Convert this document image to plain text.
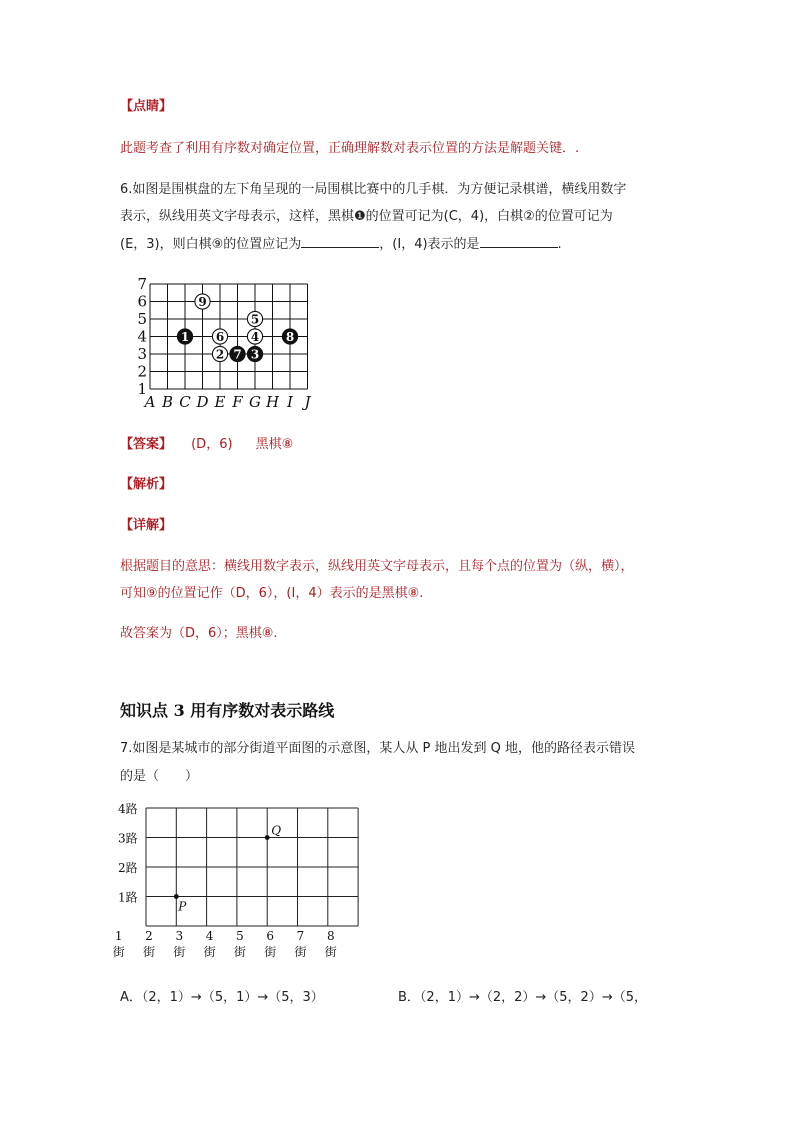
【点睛】
此题考查了利用有序数对确定位置，正确理解数对表示位置的方法是解题关键．.
6.如图是围棋盘的左下角呈现的一局围棋比赛中的几手棋．为方便记录棋谱，横线用数字
表示，纵线用英文字母表示，这样，黑棋❶的位置可记为(C，4)，白棋②的位置可记为
(E，3)，则白棋⑨的位置应记为	，(I，4)表示的是	.
7
6
5
4
3
2
1
A B C D E F G H I J
1
2 3
4
5
6
7
8
9
【答案】 (D，6) 黑棋⑧
【解析】
【详解】
根据题目的意思：横线用数字表示，纵线用英文字母表示，且每个点的位置为（纵，横），
可知⑨的位置记作（D，6），(I，4）表示的是黑棋⑧.
故答案为（D，6）；黑棋⑧.
知识点 3 用有序数对表示路线
7.如图是某城市的部分街道平面图的示意图，某人从 P 地出发到 Q 地，他的路径表示错误
的是（　　）
4路
3路
2路
1路
1
街
2
街
3
街
4
街
5
街
6
街
7
街
8
街
P
Q
A．（2，1）→（5，1）→（5，3）	B．（2，1）→（2，2）→（5，2）→（5，
